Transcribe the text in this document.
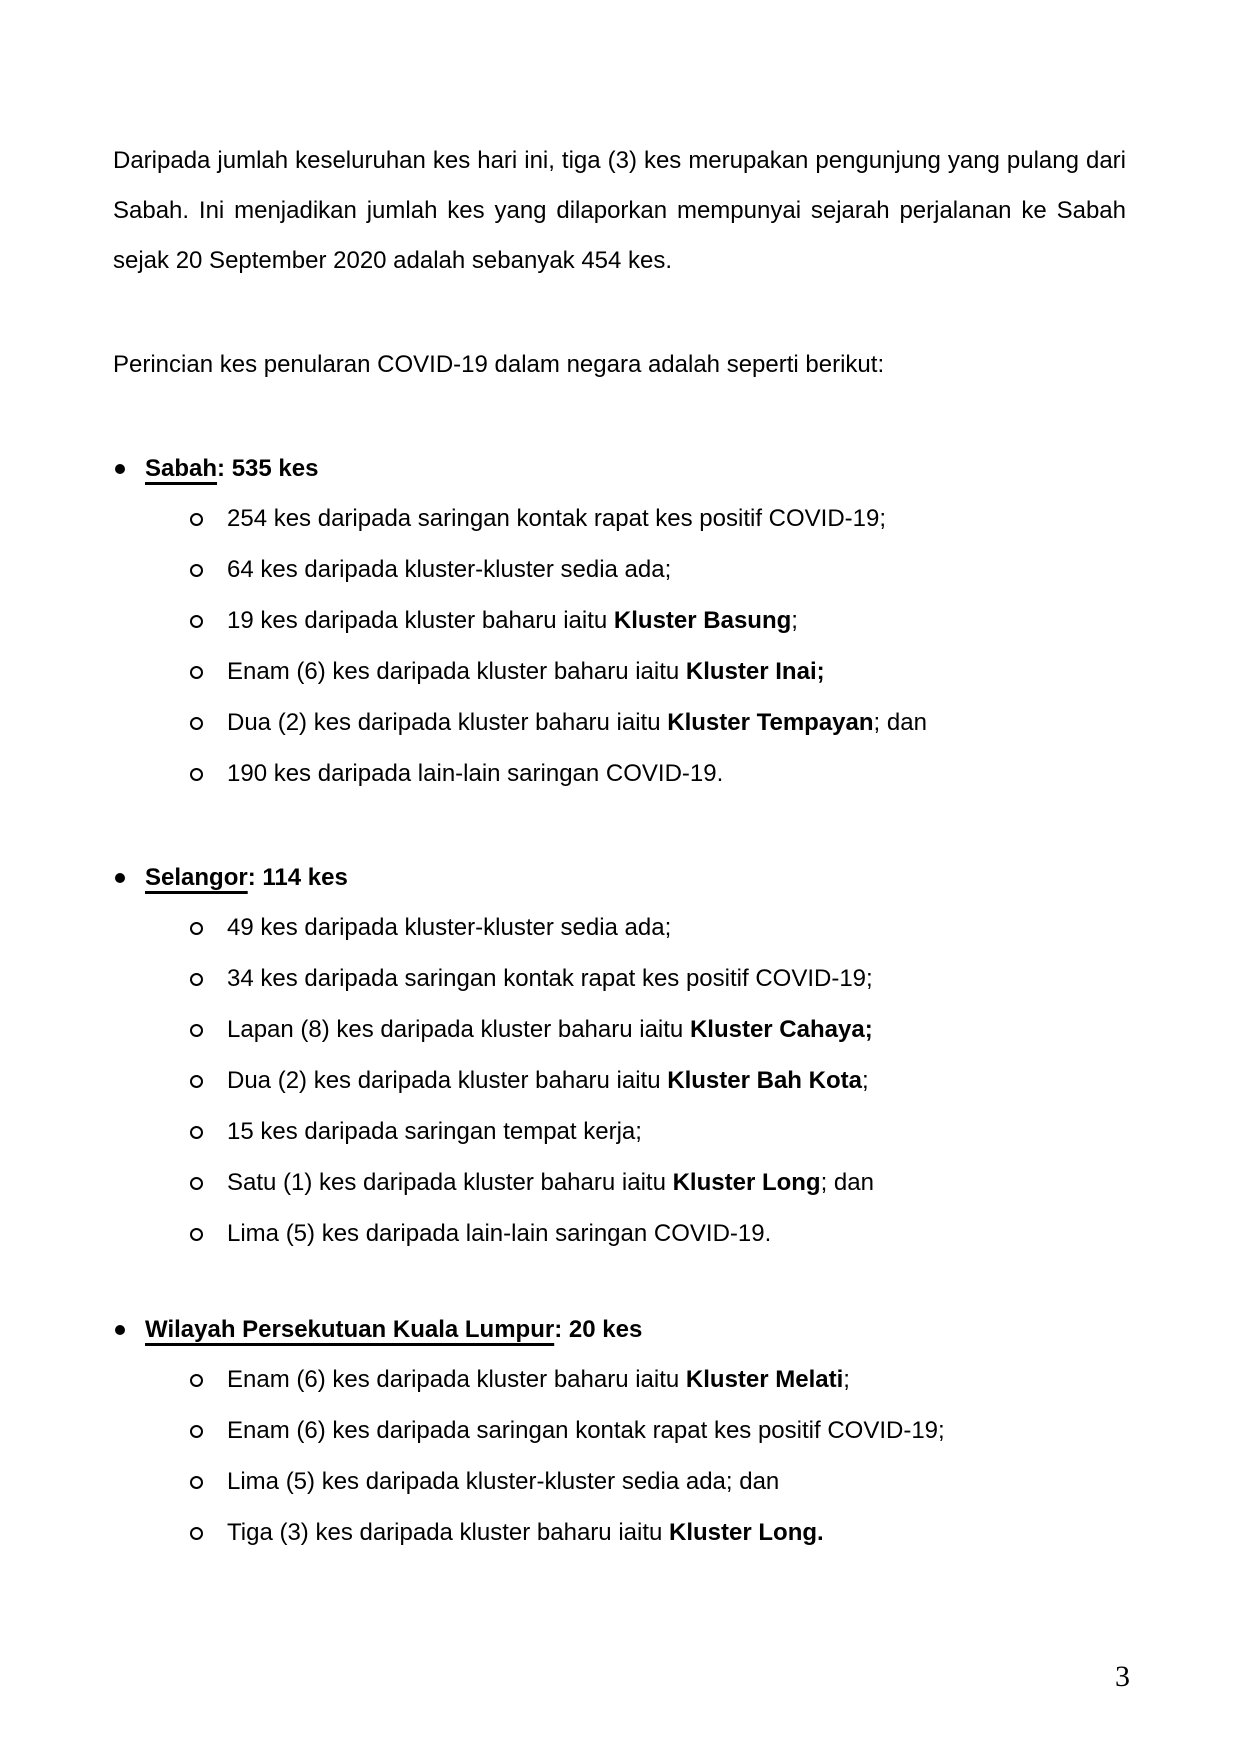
Daripada jumlah keseluruhan kes hari ini, tiga (3) kes merupakan pengunjung yang pulang dari Sabah. Ini menjadikan jumlah kes yang dilaporkan mempunyai sejarah perjalanan ke Sabah sejak 20 September 2020 adalah sebanyak 454 kes.

Perincian kes penularan COVID-19 dalam negara adalah seperti berikut:

Sabah: 535 kes
254 kes daripada saringan kontak rapat kes positif COVID-19;
64 kes daripada kluster-kluster sedia ada;
19 kes daripada kluster baharu iaitu Kluster Basung;
Enam (6) kes daripada kluster baharu iaitu Kluster Inai;
Dua (2) kes daripada kluster baharu iaitu Kluster Tempayan; dan
190 kes daripada lain-lain saringan COVID-19.
Selangor: 114 kes
49 kes daripada kluster-kluster sedia ada;
34 kes daripada saringan kontak rapat kes positif COVID-19;
Lapan (8) kes daripada kluster baharu iaitu Kluster Cahaya;
Dua (2) kes daripada kluster baharu iaitu Kluster Bah Kota;
15 kes daripada saringan tempat kerja;
Satu (1) kes daripada kluster baharu iaitu Kluster Long; dan
Lima (5) kes daripada lain-lain saringan COVID-19.
Wilayah Persekutuan Kuala Lumpur: 20 kes
Enam (6) kes daripada kluster baharu iaitu Kluster Melati;
Enam (6) kes daripada saringan kontak rapat kes positif COVID-19;
Lima (5) kes daripada kluster-kluster sedia ada; dan
Tiga (3) kes daripada kluster baharu iaitu Kluster Long.
3
